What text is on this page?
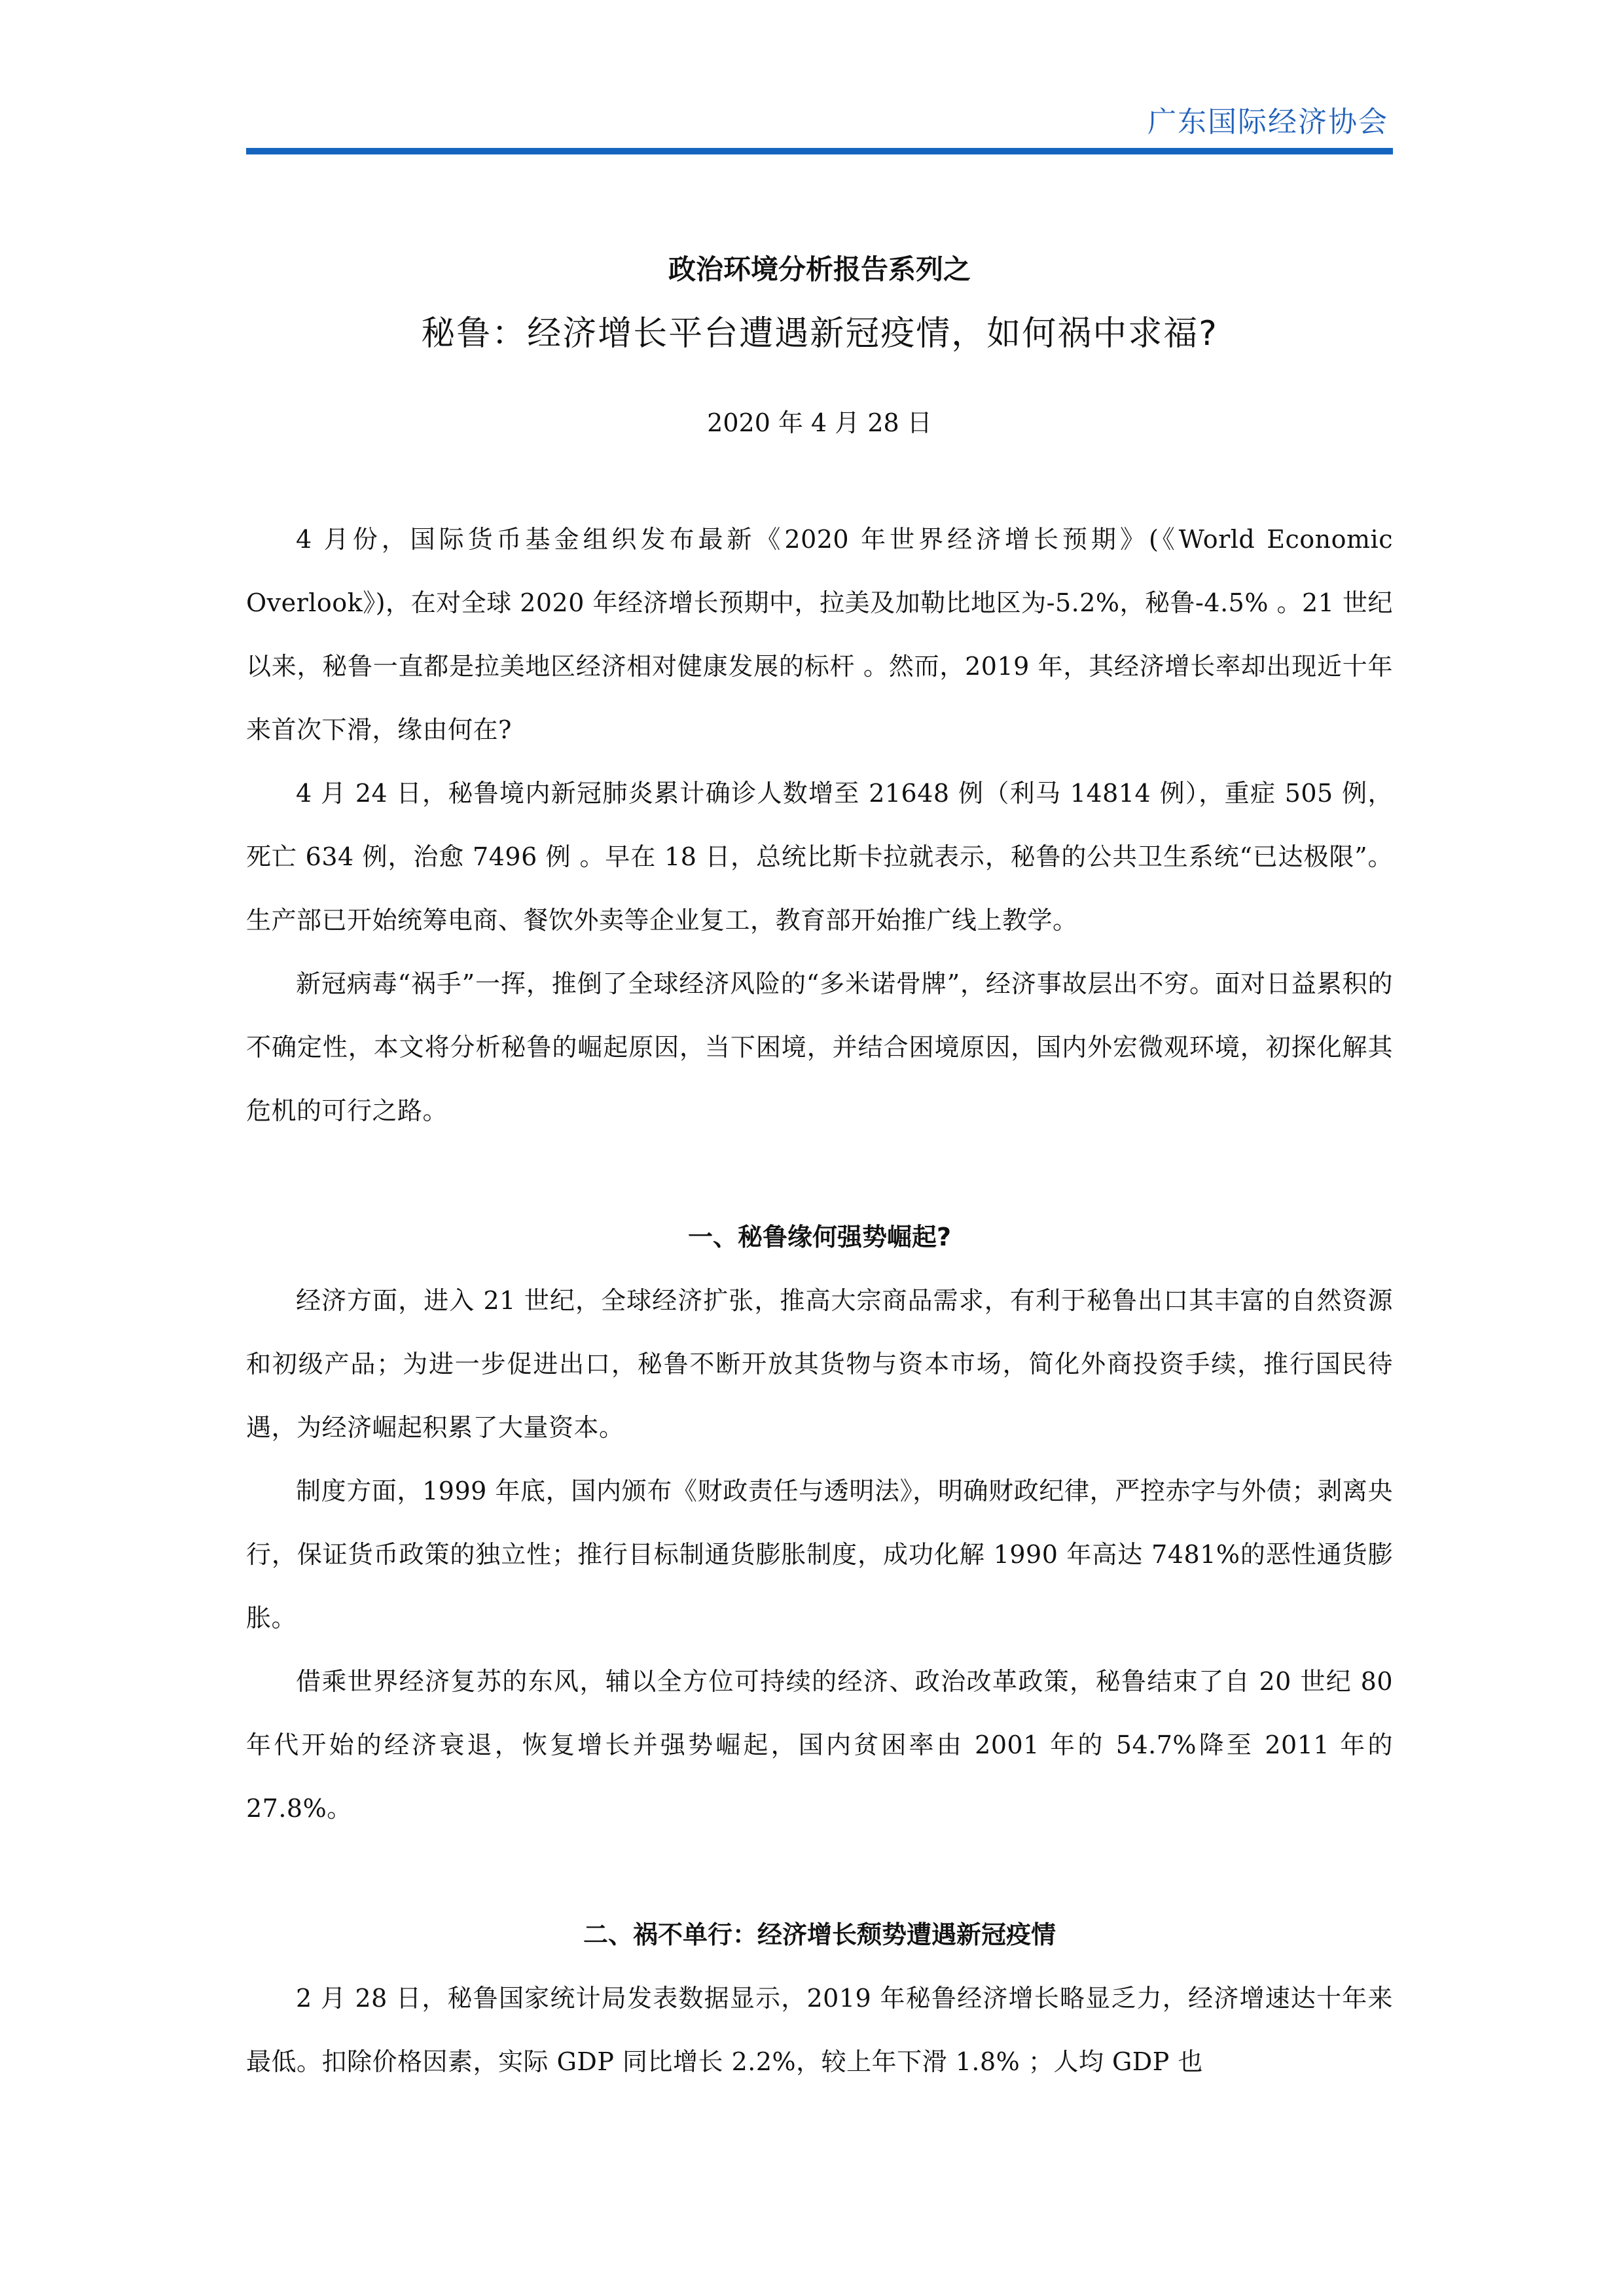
广东国际经济协会
政治环境分析报告系列之
秘鲁：经济增长平台遭遇新冠疫情，如何祸中求福?
2020 年 4 月 28 日

4 月份，国际货币基金组织发布最新《2020 年世界经济增长预期》(《World Economic Overlook》)，在对全球 2020 年经济增长预期中，拉美及加勒比地区为-5.2%，秘鲁-4.5% 。21 世纪以来，秘鲁一直都是拉美地区经济相对健康发展的标杆 。然而，2019 年，其经济增长率却出现近十年来首次下滑，缘由何在?

4 月 24 日，秘鲁境内新冠肺炎累计确诊人数增至 21648 例（利马 14814 例），重症 505 例，死亡 634 例，治愈 7496 例 。早在 18 日，总统比斯卡拉就表示，秘鲁的公共卫生系统“已达极限”。生产部已开始统筹电商、餐饮外卖等企业复工，教育部开始推广线上教学。

新冠病毒“祸手”一挥，推倒了全球经济风险的“多米诺骨牌”，经济事故层出不穷。面对日益累积的不确定性，本文将分析秘鲁的崛起原因，当下困境，并结合困境原因，国内外宏微观环境，初探化解其危机的可行之路。

一、秘鲁缘何强势崛起?

经济方面，进入 21 世纪，全球经济扩张，推高大宗商品需求，有利于秘鲁出口其丰富的自然资源和初级产品；为进一步促进出口，秘鲁不断开放其货物与资本市场，简化外商投资手续，推行国民待遇，为经济崛起积累了大量资本。

制度方面，1999 年底，国内颁布《财政责任与透明法》，明确财政纪律，严控赤字与外债；剥离央行，保证货币政策的独立性；推行目标制通货膨胀制度，成功化解 1990 年高达 7481%的恶性通货膨胀。

借乘世界经济复苏的东风，辅以全方位可持续的经济、政治改革政策，秘鲁结束了自 20 世纪 80 年代开始的经济衰退，恢复增长并强势崛起，国内贫困率由 2001 年的 54.7%降至 2011 年的 27.8%。

二、祸不单行：经济增长颓势遭遇新冠疫情

2 月 28 日，秘鲁国家统计局发表数据显示，2019 年秘鲁经济增长略显乏力，经济增速达十年来最低。扣除价格因素，实际 GDP 同比增长 2.2%，较上年下滑 1.8% ；人均 GDP 也
